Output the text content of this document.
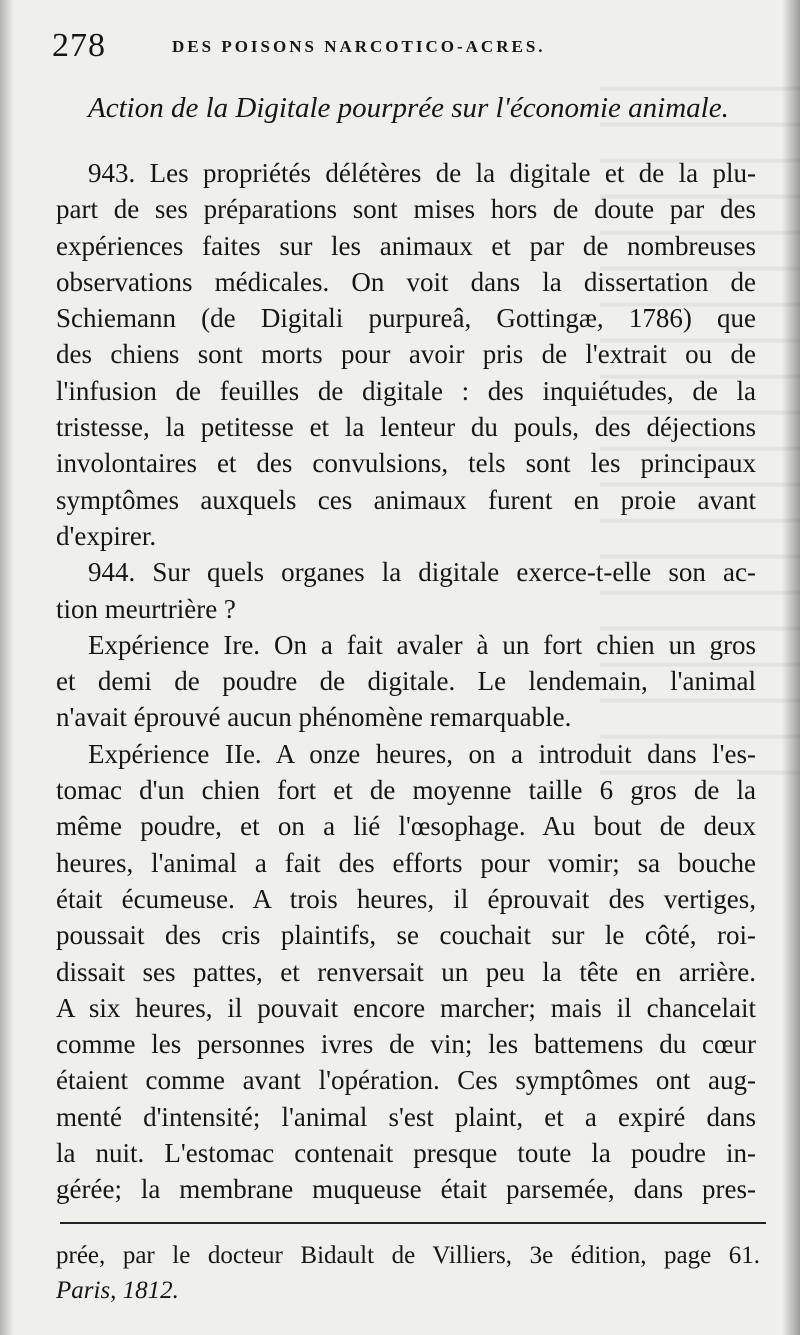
278	DES POISONS NARCOTICO-ACRES.
Action de la Digitale pourprée sur l'économie animale.
943. Les propriétés délétères de la digitale et de la plu-
part de ses préparations sont mises hors de doute par des
expériences faites sur les animaux et par de nombreuses
observations médicales. On voit dans la dissertation de
Schiemann (de Digitali purpureâ, Gottingæ, 1786) que
des chiens sont morts pour avoir pris de l'extrait ou de
l'infusion de feuilles de digitale : des inquiétudes, de la
tristesse, la petitesse et la lenteur du pouls, des déjections
involontaires et des convulsions, tels sont les principaux
symptômes auxquels ces animaux furent en proie avant
d'expirer.
944. Sur quels organes la digitale exerce-t-elle son ac-
tion meurtrière ?
Expérience Ire. On a fait avaler à un fort chien un gros
et demi de poudre de digitale. Le lendemain, l'animal
n'avait éprouvé aucun phénomène remarquable.
Expérience IIe. A onze heures, on a introduit dans l'es-
tomac d'un chien fort et de moyenne taille 6 gros de la
même poudre, et on a lié l'œsophage. Au bout de deux
heures, l'animal a fait des efforts pour vomir; sa bouche
était écumeuse. A trois heures, il éprouvait des vertiges,
poussait des cris plaintifs, se couchait sur le côté, roi-
dissait ses pattes, et renversait un peu la tête en arrière.
A six heures, il pouvait encore marcher; mais il chancelait
comme les personnes ivres de vin; les battemens du cœur
étaient comme avant l'opération. Ces symptômes ont aug-
menté d'intensité; l'animal s'est plaint, et a expiré dans
la nuit. L'estomac contenait presque toute la poudre in-
gérée; la membrane muqueuse était parsemée, dans pres-
prée, par le docteur Bidault de Villiers, 3e édition, page 61.
Paris, 1812.
